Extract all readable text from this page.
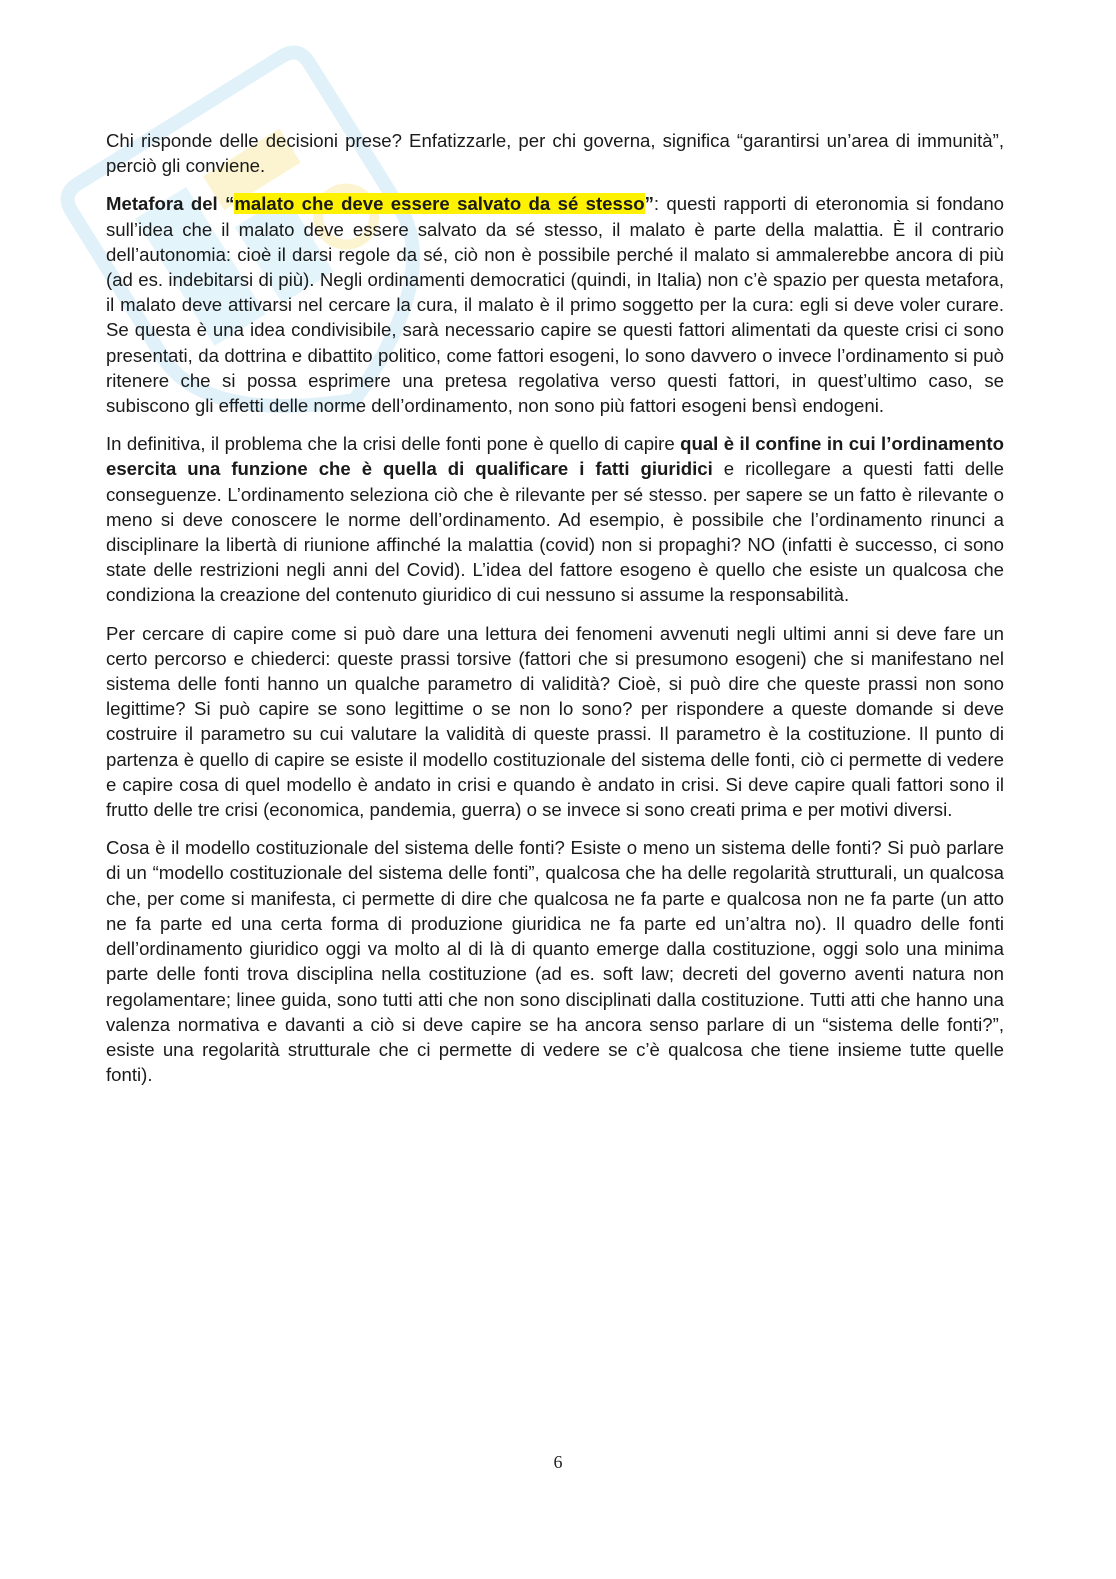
Chi risponde delle decisioni prese? Enfatizzarle, per chi governa, significa “garantirsi un’area di immunità”, perciò gli conviene.

Metafora del “malato che deve essere salvato da sé stesso”: questi rapporti di eteronomia si fondano sull’idea che il malato deve essere salvato da sé stesso, il malato è parte della malattia. È il contrario dell’autonomia: cioè il darsi regole da sé, ciò non è possibile perché il malato si ammalerebbe ancora di più (ad es. indebitarsi di più). Negli ordinamenti democratici (quindi, in Italia) non c’è spazio per questa metafora, il malato deve attivarsi nel cercare la cura, il malato è il primo soggetto per la cura: egli si deve voler curare. Se questa è una idea condivisibile, sarà necessario capire se questi fattori alimentati da queste crisi ci sono presentati, da dottrina e dibattito politico, come fattori esogeni, lo sono davvero o invece l’ordinamento si può ritenere che si possa esprimere una pretesa regolativa verso questi fattori, in quest’ultimo caso, se subiscono gli effetti delle norme dell’ordinamento, non sono più fattori esogeni bensì endogeni.

In definitiva, il problema che la crisi delle fonti pone è quello di capire qual è il confine in cui l’ordinamento esercita una funzione che è quella di qualificare i fatti giuridici e ricollegare a questi fatti delle conseguenze. L’ordinamento seleziona ciò che è rilevante per sé stesso. per sapere se un fatto è rilevante o meno si deve conoscere le norme dell’ordinamento. Ad esempio, è possibile che l’ordinamento rinunci a disciplinare la libertà di riunione affinché la malattia (covid) non si propaghi? NO (infatti è successo, ci sono state delle restrizioni negli anni del Covid). L’idea del fattore esogeno è quello che esiste un qualcosa che condiziona la creazione del contenuto giuridico di cui nessuno si assume la responsabilità.

Per cercare di capire come si può dare una lettura dei fenomeni avvenuti negli ultimi anni si deve fare un certo percorso e chiederci: queste prassi torsive (fattori che si presumono esogeni) che si manifestano nel sistema delle fonti hanno un qualche parametro di validità? Cioè, si può dire che queste prassi non sono legittime? Si può capire se sono legittime o se non lo sono? per rispondere a queste domande si deve costruire il parametro su cui valutare la validità di queste prassi. Il parametro è la costituzione. Il punto di partenza è quello di capire se esiste il modello costituzionale del sistema delle fonti, ciò ci permette di vedere e capire cosa di quel modello è andato in crisi e quando è andato in crisi. Si deve capire quali fattori sono il frutto delle tre crisi (economica, pandemia, guerra) o se invece si sono creati prima e per motivi diversi.

Cosa è il modello costituzionale del sistema delle fonti? Esiste o meno un sistema delle fonti? Si può parlare di un “modello costituzionale del sistema delle fonti”, qualcosa che ha delle regolarità strutturali, un qualcosa che, per come si manifesta, ci permette di dire che qualcosa ne fa parte e qualcosa non ne fa parte (un atto ne fa parte ed una certa forma di produzione giuridica ne fa parte ed un’altra no). Il quadro delle fonti dell’ordinamento giuridico oggi va molto al di là di quanto emerge dalla costituzione, oggi solo una minima parte delle fonti trova disciplina nella costituzione (ad es. soft law; decreti del governo aventi natura non regolamentare; linee guida, sono tutti atti che non sono disciplinati dalla costituzione. Tutti atti che hanno una valenza normativa e davanti a ciò si deve capire se ha ancora senso parlare di un “sistema delle fonti?”, esiste una regolarità strutturale che ci permette di vedere se c’è qualcosa che tiene insieme tutte quelle fonti).

6
